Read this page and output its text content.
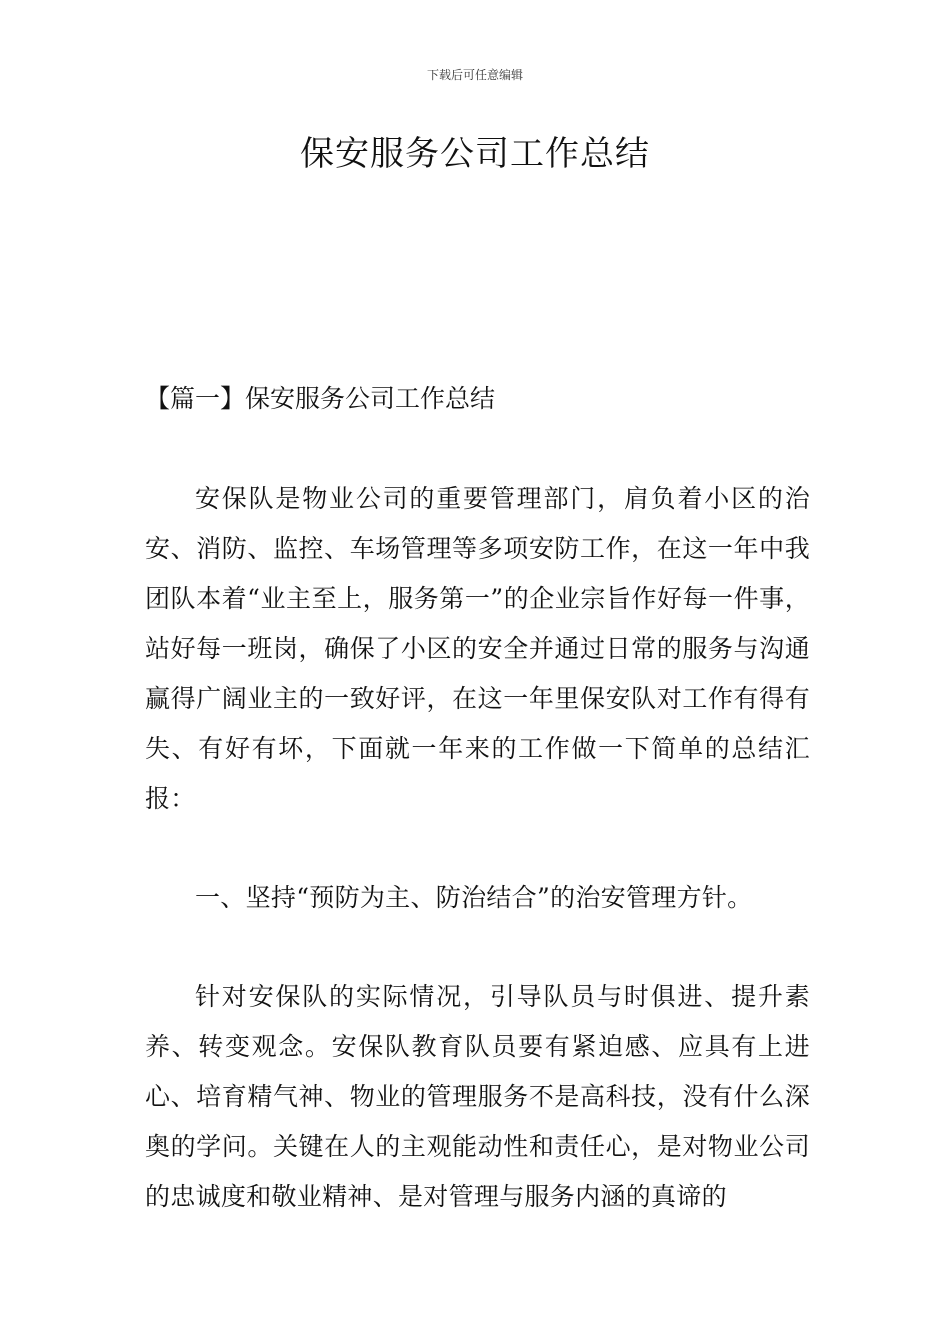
下载后可任意编辑
保安服务公司工作总结
【篇一】保安服务公司工作总结

安保队是物业公司的重要管理部门，肩负着小区的治安、消防、监控、车场管理等多项安防工作，在这一年中我团队本着“业主至上，服务第一”的企业宗旨作好每一件事，站好每一班岗，确保了小区的安全并通过日常的服务与沟通赢得广阔业主的一致好评，在这一年里保安队对工作有得有失、有好有坏，下面就一年来的工作做一下简单的总结汇报：

一、坚持“预防为主、防治结合”的治安管理方针。

针对安保队的实际情况，引导队员与时俱进、提升素养、转变观念。安保队教育队员要有紧迫感、应具有上进心、培育精气神、物业的管理服务不是高科技，没有什么深奥的学问。关键在人的主观能动性和责任心，是对物业公司的忠诚度和敬业精神、是对管理与服务内涵的真谛的
